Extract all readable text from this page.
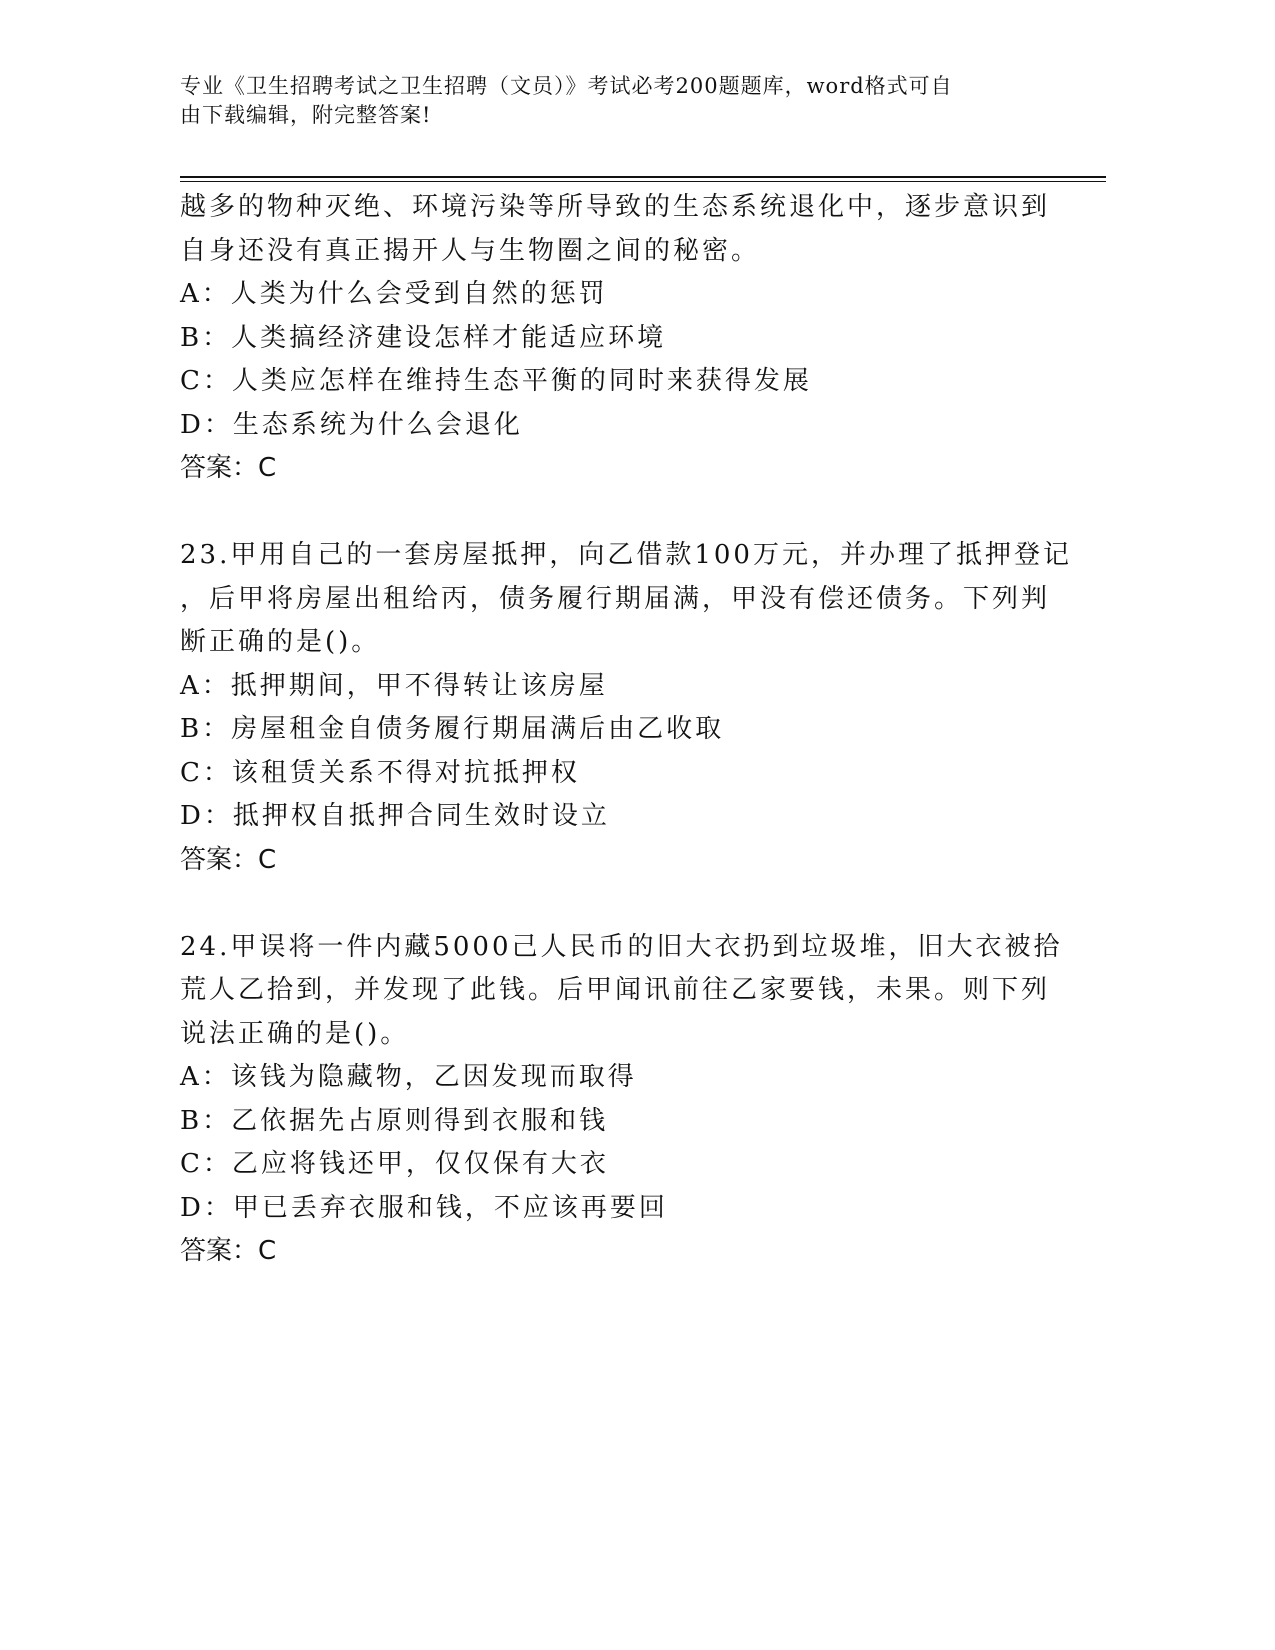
专业《卫生招聘考试之卫生招聘（文员）》考试必考200题题库，word格式可自
由下载编辑，附完整答案!
越多的物种灭绝、环境污染等所导致的生态系统退化中，逐步意识到
自身还没有真正揭开人与生物圈之间的秘密。
A：人类为什么会受到自然的惩罚
B：人类搞经济建设怎样才能适应环境
C：人类应怎样在维持生态平衡的同时来获得发展
D：生态系统为什么会退化
答案：C
23.甲用自己的一套房屋抵押，向乙借款100万元，并办理了抵押登记
，后甲将房屋出租给丙，债务履行期届满，甲没有偿还债务。下列判
断正确的是()。
A：抵押期间，甲不得转让该房屋
B：房屋租金自债务履行期届满后由乙收取
C：该租赁关系不得对抗抵押权
D：抵押权自抵押合同生效时设立
答案：C
24.甲误将一件内藏5000己人民币的旧大衣扔到垃圾堆，旧大衣被拾
荒人乙拾到，并发现了此钱。后甲闻讯前往乙家要钱，未果。则下列
说法正确的是()。
A：该钱为隐藏物，乙因发现而取得
B：乙依据先占原则得到衣服和钱
C：乙应将钱还甲，仅仅保有大衣
D：甲已丢弃衣服和钱，不应该再要回
答案：C
